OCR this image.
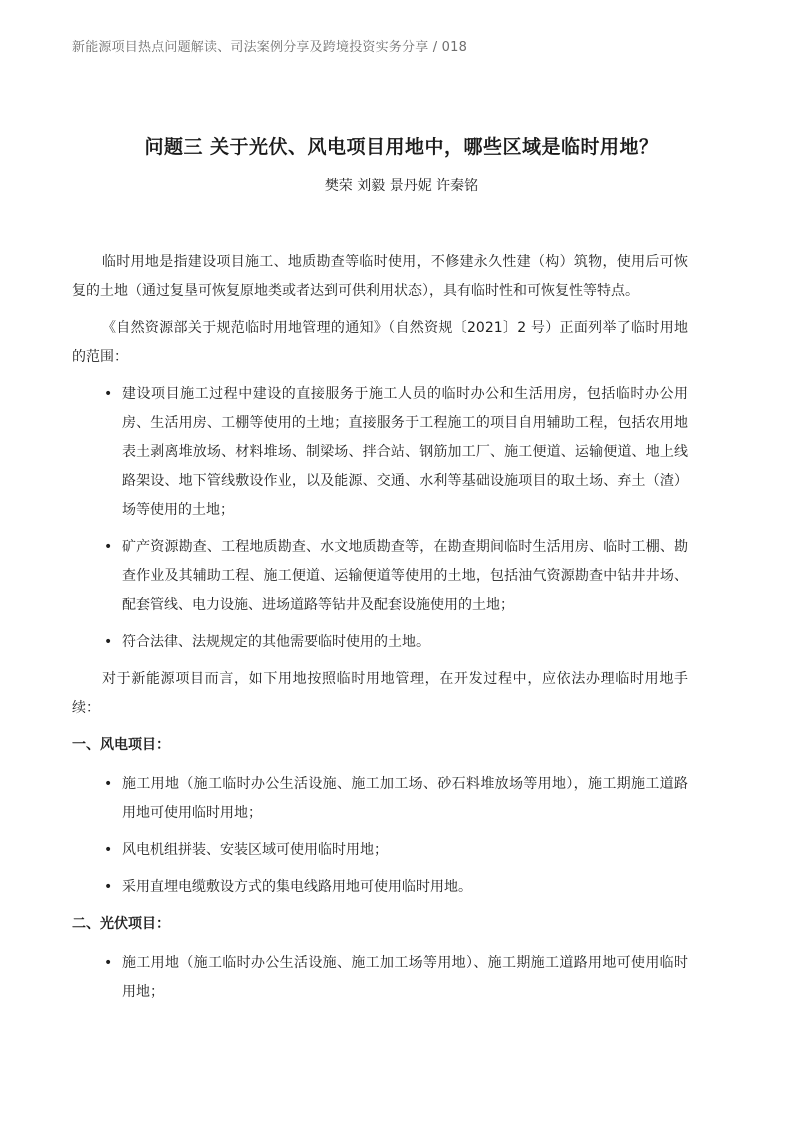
新能源项目热点问题解读、司法案例分享及跨境投资实务分享 / 018
问题三 关于光伏、风电项目用地中，哪些区域是临时用地？
樊荣 刘毅 景丹妮 许秦铭

临时用地是指建设项目施工、地质勘查等临时使用，不修建永久性建（构）筑物，使用后可恢复的土地（通过复垦可恢复原地类或者达到可供利用状态），具有临时性和可恢复性等特点。

《自然资源部关于规范临时用地管理的通知》（自然资规〔2021〕2 号）正面列举了临时用地的范围：

• 建设项目施工过程中建设的直接服务于施工人员的临时办公和生活用房，包括临时办公用房、生活用房、工棚等使用的土地；直接服务于工程施工的项目自用辅助工程，包括农用地表土剥离堆放场、材料堆场、制梁场、拌合站、钢筋加工厂、施工便道、运输便道、地上线路架设、地下管线敷设作业，以及能源、交通、水利等基础设施项目的取土场、弃土（渣）场等使用的土地；
• 矿产资源勘查、工程地质勘查、水文地质勘查等，在勘查期间临时生活用房、临时工棚、勘查作业及其辅助工程、施工便道、运输便道等使用的土地，包括油气资源勘查中钻井井场、配套管线、电力设施、进场道路等钻井及配套设施使用的土地；
• 符合法律、法规规定的其他需要临时使用的土地。

对于新能源项目而言，如下用地按照临时用地管理，在开发过程中，应依法办理临时用地手续：

一、风电项目：
• 施工用地（施工临时办公生活设施、施工加工场、砂石料堆放场等用地），施工期施工道路用地可使用临时用地；
• 风电机组拼装、安装区域可使用临时用地；
• 采用直埋电缆敷设方式的集电线路用地可使用临时用地。
二、光伏项目：
• 施工用地（施工临时办公生活设施、施工加工场等用地）、施工期施工道路用地可使用临时用地；
